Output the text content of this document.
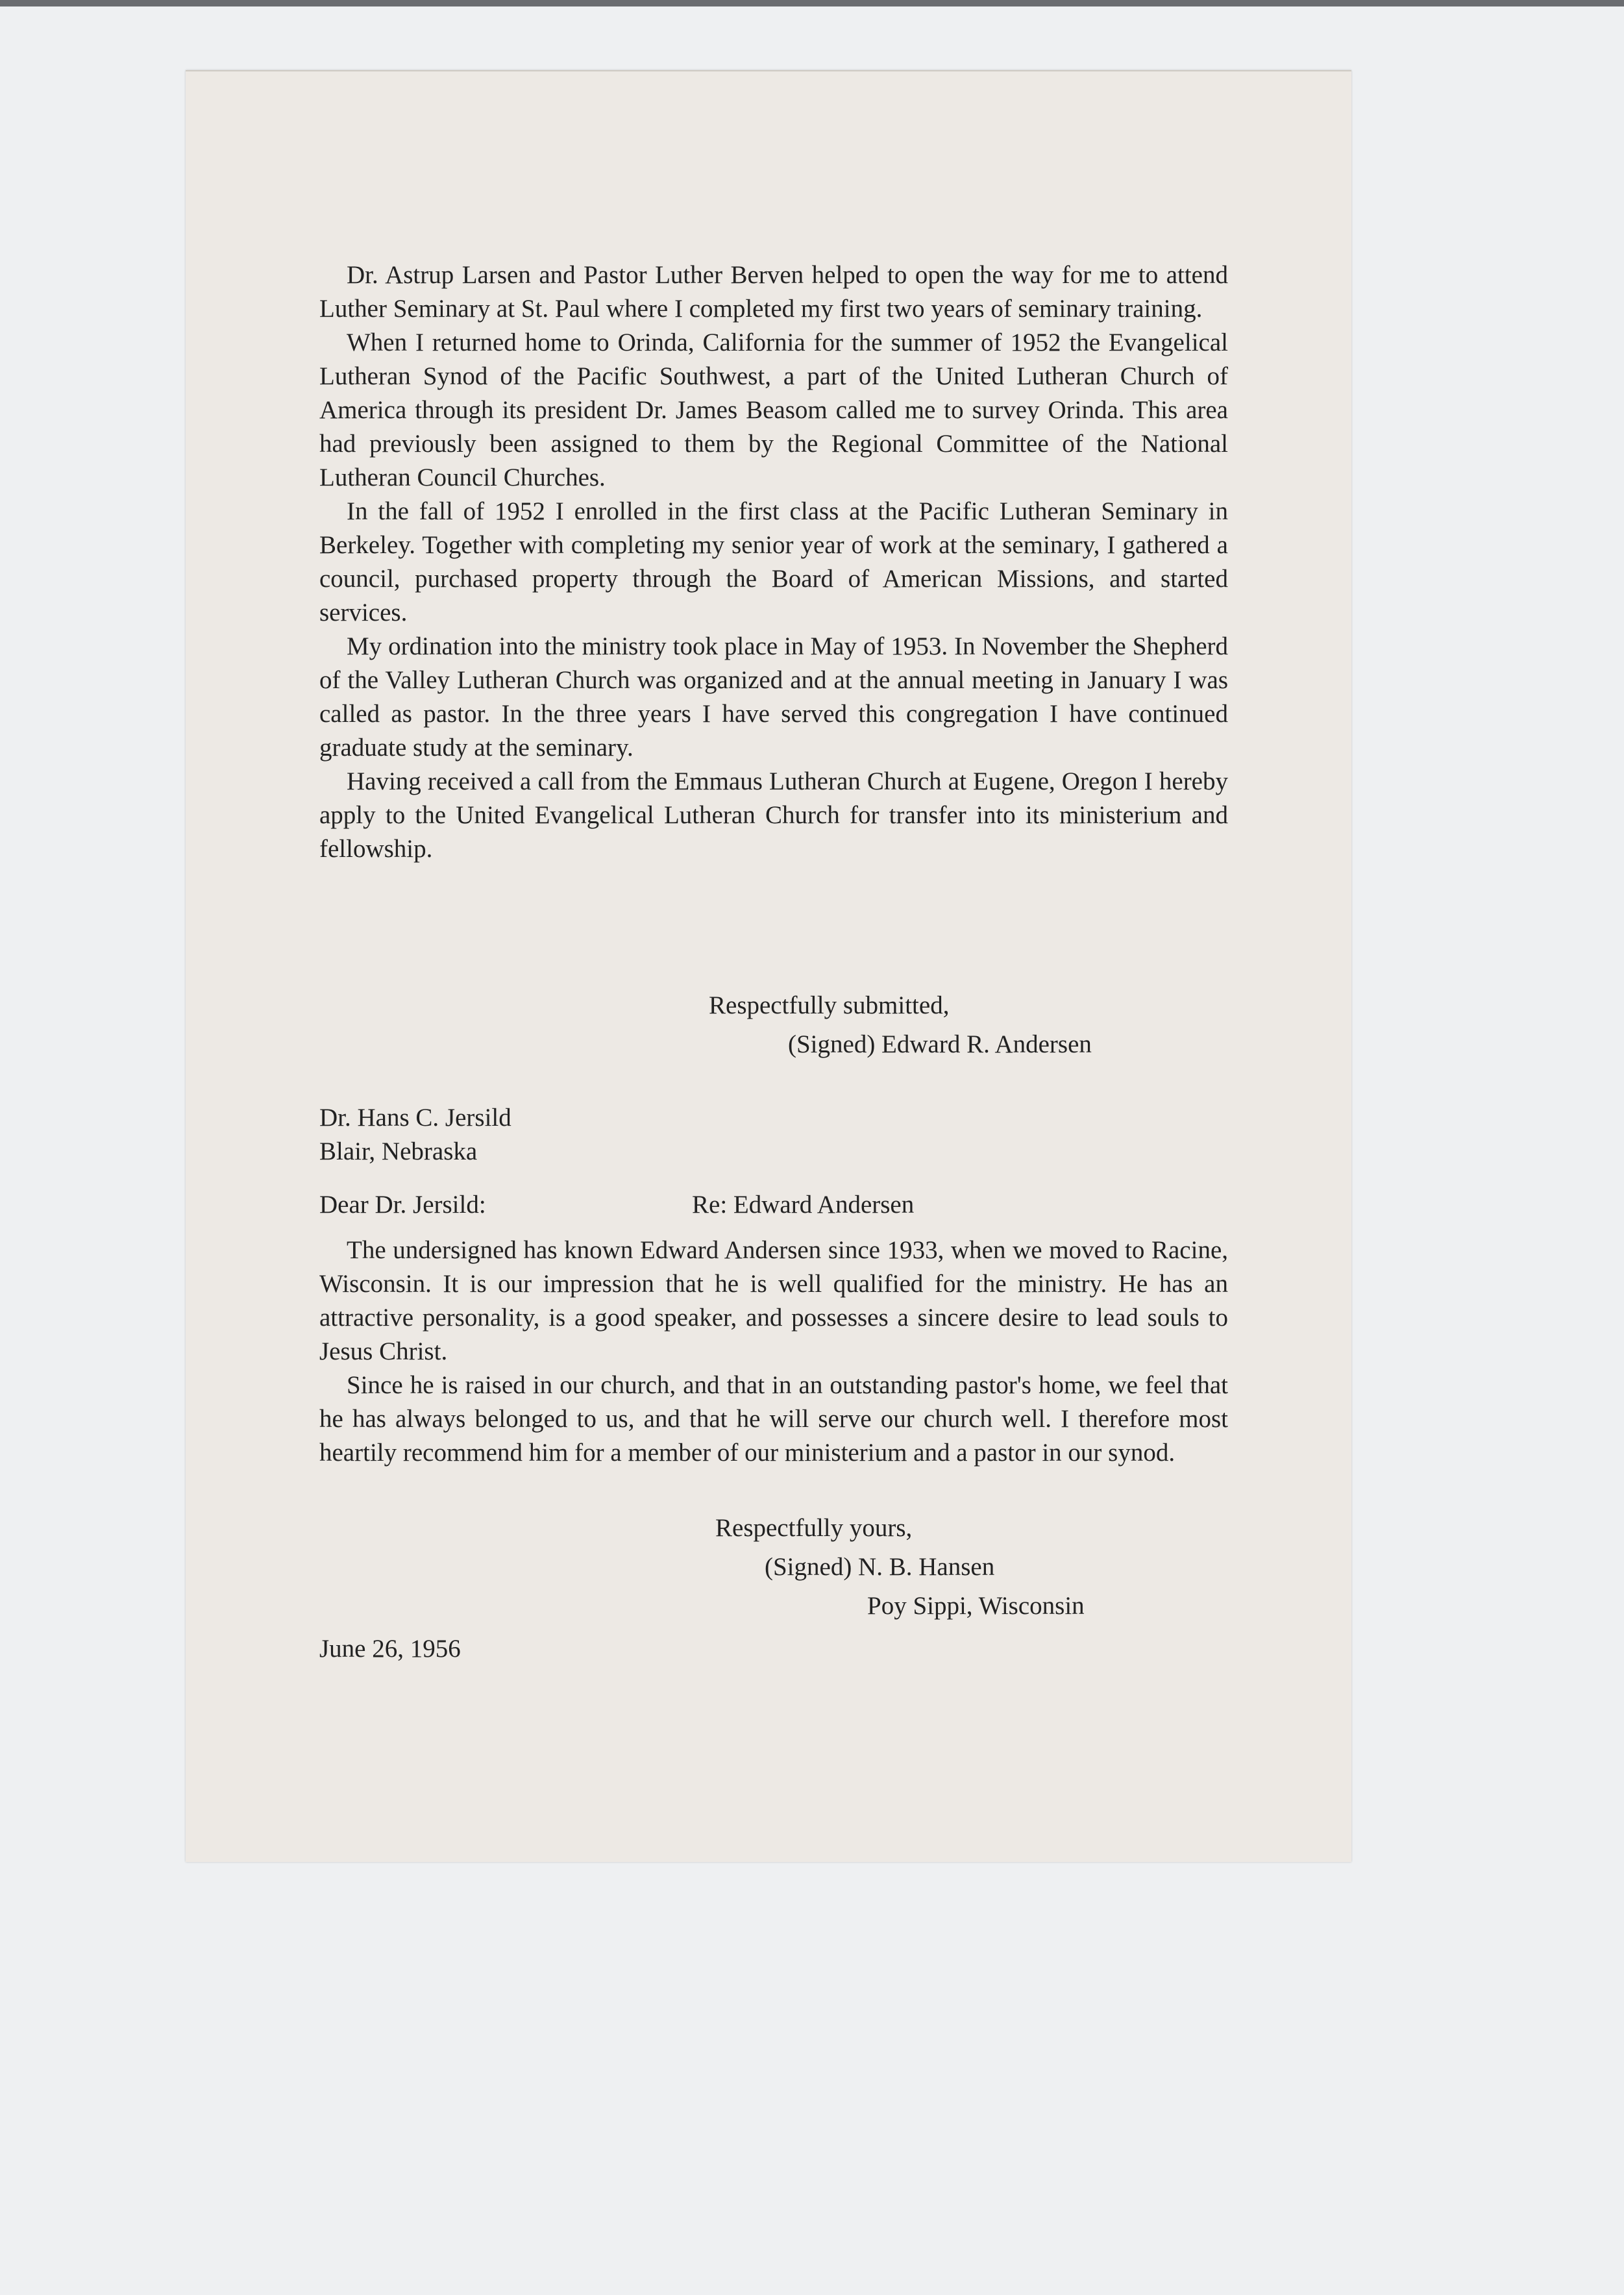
Dr. Astrup Larsen and Pastor Luther Berven helped to open the way for me to attend Luther Seminary at St. Paul where I completed my first two years of seminary training.

When I returned home to Orinda, California for the summer of 1952 the Evangelical Lutheran Synod of the Pacific Southwest, a part of the United Lutheran Church of America through its president Dr. James Beasom called me to survey Orinda. This area had previously been assigned to them by the Regional Committee of the National Lutheran Council Churches.

In the fall of 1952 I enrolled in the first class at the Pacific Lutheran Seminary in Berkeley. Together with completing my senior year of work at the seminary, I gathered a council, purchased property through the Board of American Missions, and started services.

My ordination into the ministry took place in May of 1953. In November the Shepherd of the Valley Lutheran Church was organized and at the annual meeting in January I was called as pastor. In the three years I have served this congregation I have continued graduate study at the seminary.

Having received a call from the Emmaus Lutheran Church at Eugene, Oregon I hereby apply to the United Evangelical Lutheran Church for transfer into its ministerium and fellowship.

Respectfully submitted,
(Signed) Edward R. Andersen
Dr. Hans C. Jersild
Blair, Nebraska
Dear Dr. Jersild:	Re: Edward Andersen

The undersigned has known Edward Andersen since 1933, when we moved to Racine, Wisconsin. It is our impression that he is well qualified for the ministry. He has an attractive personality, is a good speaker, and possesses a sincere desire to lead souls to Jesus Christ.

Since he is raised in our church, and that in an outstanding pastor's home, we feel that he has always belonged to us, and that he will serve our church well. I therefore most heartily recommend him for a member of our ministerium and a pastor in our synod.

Respectfully yours,
(Signed) N. B. Hansen
Poy Sippi, Wisconsin
June 26, 1956
